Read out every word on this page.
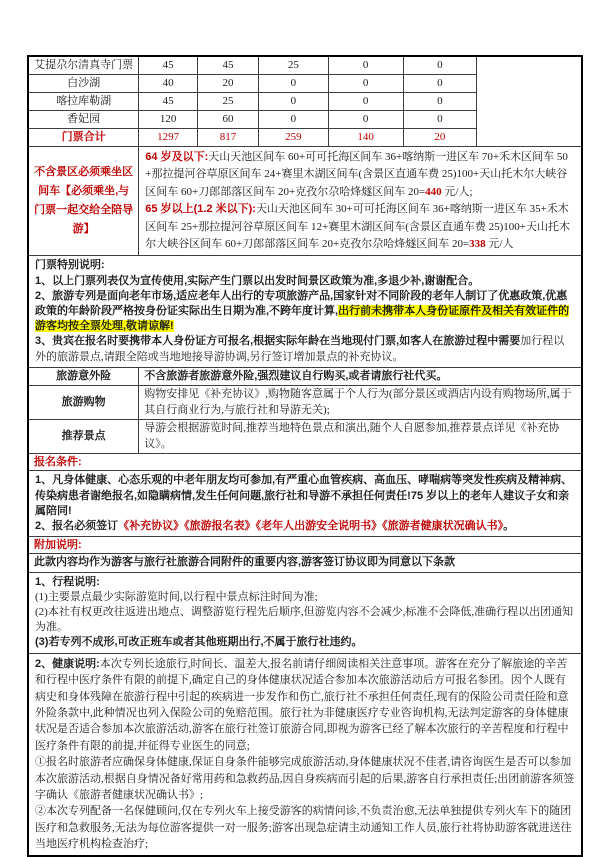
艾提尕尔清真寺门票	45	45	25	0	0	
白沙湖	40	20	0	0	0	
喀拉库勒湖	45	25	0	0	0	
香妃园	120	60	0	0	0	
门票合计	1297	817	259	140	20	
不含景区必须乘坐区间车【必须乘坐,与门票一起交给全陪导游】	64 岁及以下:天山天池区间车 60+可可托海区间车 36+喀纳斯一进区车 70+禾木区间车 50+那拉提河谷草原区间车 24+赛里木湖区间车(含景区直通车费 25)100+天山托木尔大峡谷区间车 60+刀郎部落区间车 20+克孜尔尕哈烽燧区间车 20=440 元/人;

65 岁以上(1.2 米以下):天山天池区间车 30+可可托海区间车 36+喀纳斯一进区车 35+禾木区间车 25+那拉提河谷草原区间车 12+赛里木湖区间车(含景区直通车费 25)100+天山托木尔大峡谷区间车 60+刀郎部落区间车 20+克孜尔尕哈烽燧区间车 20=338 元/人					

门票特别说明:

1、以上门票列表仅为宣传使用,实际产生门票以出发时间景区政策为准,多退少补,谢谢配合。

2、旅游专列是面向老年市场,适应老年人出行的专项旅游产品,国家针对不同阶段的老年人制订了优惠政策,优惠政策的年龄阶段严格按身份证实际出生日期为准,不跨年度计算,出行前未携带本人身份证原件及相关有效证件的游客均按全票处理,敬请谅解!

3、贵宾在报名时要携带本人身份证方可报名,根据实际年龄在当地现付门票,如客人在旅游过程中需要加行程以外的旅游景点,请跟全陪或当地地接导游协调,另行签订增加景点的补充协议。						

旅游意外险	不含旅游者旅游意外险,强烈建议自行购买,或者请旅行社代买。					
旅游购物	购物安排见《补充协议》,购物随客意属于个人行为(部分景区或酒店内设有购物场所,属于其自行商业行为,与旅行社和导游无关);					
推荐景点	导游会根据游览时间,推荐当地特色景点和演出,随个人自愿参加,推荐景点详见《补充协议》。					
报名条件:						

1、凡身体健康、心态乐观的中老年朋友均可参加,有严重心血管疾病、高血压、哮喘病等突发性疾病及精神病、传染病患者谢绝报名,如隐瞒病情,发生任何问题,旅行社和导游不承担任何责任!75 岁以上的老年人建议子女和亲属陪同!

2、报名必须签订《补充协议》《旅游报名表》《老年人出游安全说明书》《旅游者健康状况确认书》。						

附加说明:						
此款内容均作为游客与旅行社旅游合同附件的重要内容,游客签订协议即为同意以下条款						

1、行程说明:

(1)主要景点最少实际游览时间,以行程中景点标注时间为准;

(2)本社有权更改往返进出地点、调整游览行程先后顺序,但游览内容不会减少,标准不会降低,准确行程以出团通知为准。

(3)若专列不成形,可改正班车或者其他班期出行,不属于旅行社违约。						

2、健康说明:本次专列长途旅行,时间长、温差大,报名前请仔细阅读相关注意事项。游客在充分了解旅途的辛苦和行程中医疗条件有限的前提下,确定自己的身体健康状况适合参加本次旅游活动后方可报名参团。因个人既有病史和身体残障在旅游行程中引起的疾病进一步发作和伤亡,旅行社不承担任何责任,现有的保险公司责任险和意外险条款中,此种情况也列入保险公司的免赔范围。旅行社为非健康医疗专业咨询机构,无法判定游客的身体健康状况是否适合参加本次旅游活动,游客在旅行社签订旅游合同,即视为游客已经了解本次旅行的辛苦程度和行程中医疗条件有限的前提,并征得专业医生的同意;

①报名时旅游者应确保身体健康,保证自身条件能够完成旅游活动,身体健康状况不佳者,请咨询医生是否可以参加本次旅游活动,根据自身情况备好常用药和急救药品,因自身疾病而引起的后果,游客自行承担责任;出团前游客须签字确认《旅游者健康状况确认书》;

②本次专列配备一名保健顾问,仅在专列火车上接受游客的病情问诊,不负责治愈,无法单独提供专列火车下的随团医疗和急救服务,无法为每位游客提供一对一服务;游客出现急症请主动通知工作人员,旅行社将协助游客就进送往当地医疗机构检查治疗;						
